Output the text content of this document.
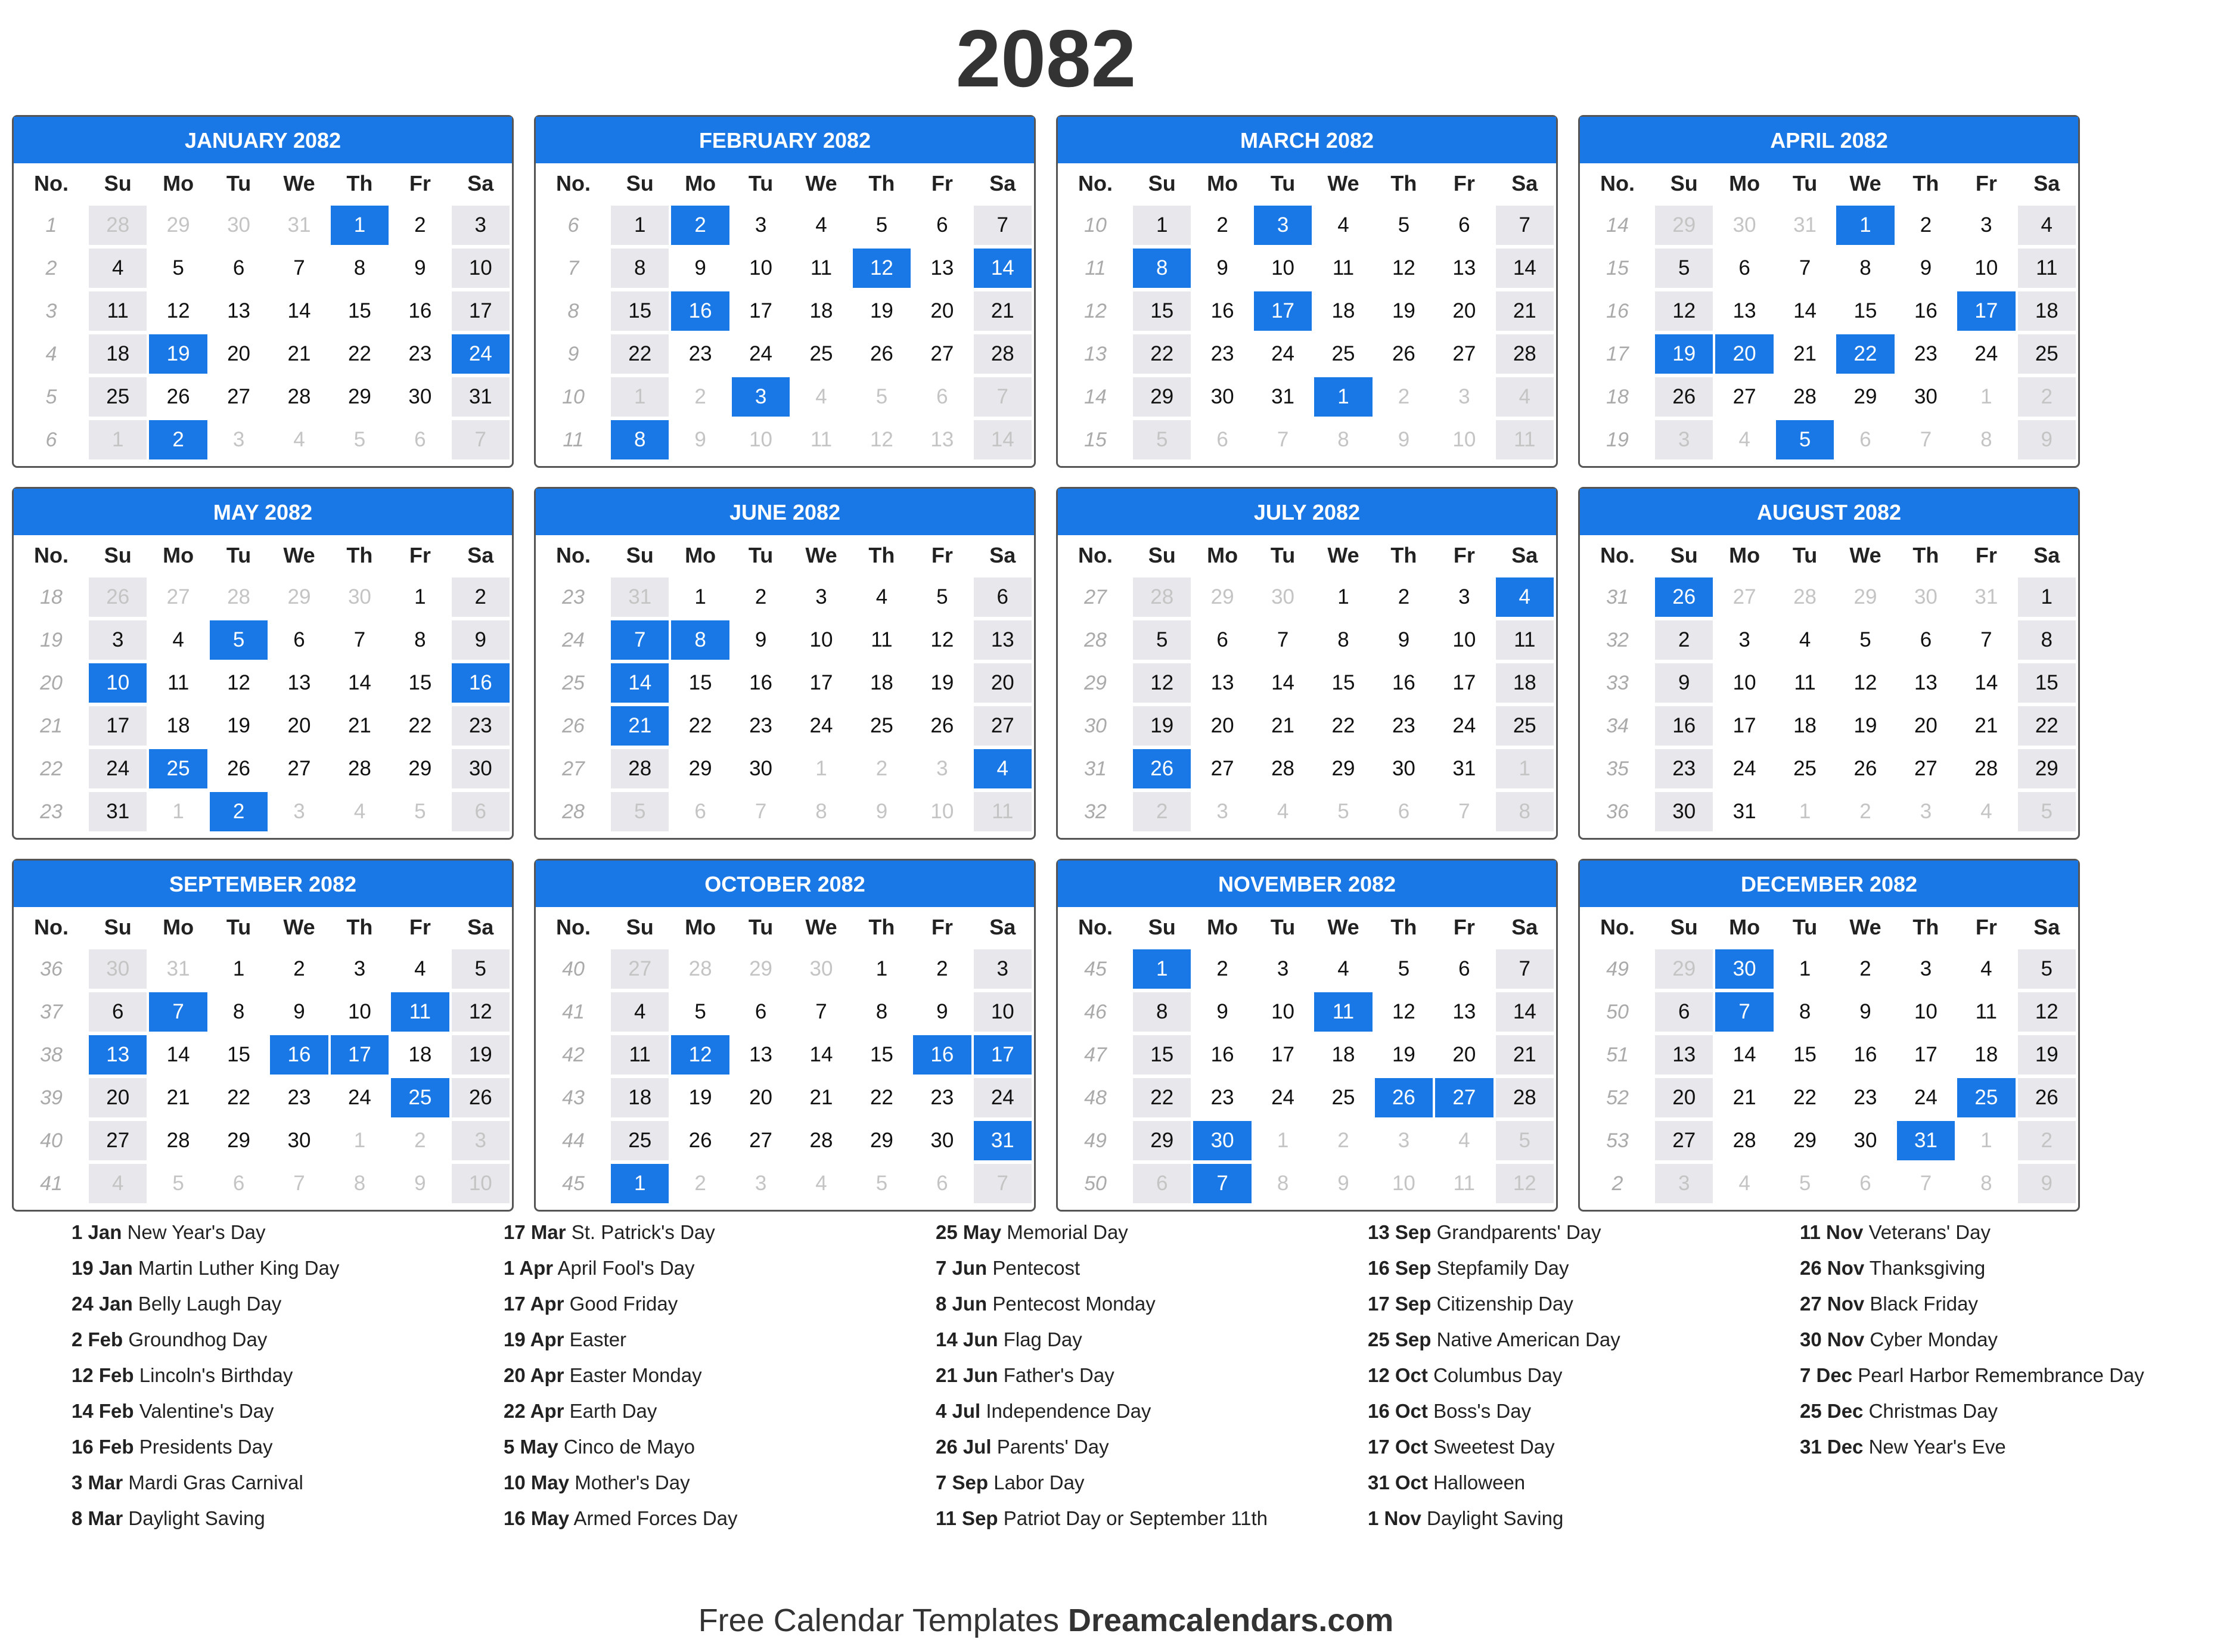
2082
JANUARY 2082
No.	Su	Mo	Tu	We	Th	Fr	Sa
1	28	29	30	31	1	2	3
2	4	5	6	7	8	9	10
3	11	12	13	14	15	16	17
4	18	19	20	21	22	23	24
5	25	26	27	28	29	30	31
6	1	2	3	4	5	6	7
FEBRUARY 2082
No.	Su	Mo	Tu	We	Th	Fr	Sa
6	1	2	3	4	5	6	7
7	8	9	10	11	12	13	14
8	15	16	17	18	19	20	21
9	22	23	24	25	26	27	28
10	1	2	3	4	5	6	7
11	8	9	10	11	12	13	14
MARCH 2082
No.	Su	Mo	Tu	We	Th	Fr	Sa
10	1	2	3	4	5	6	7
11	8	9	10	11	12	13	14
12	15	16	17	18	19	20	21
13	22	23	24	25	26	27	28
14	29	30	31	1	2	3	4
15	5	6	7	8	9	10	11
APRIL 2082
No.	Su	Mo	Tu	We	Th	Fr	Sa
14	29	30	31	1	2	3	4
15	5	6	7	8	9	10	11
16	12	13	14	15	16	17	18
17	19	20	21	22	23	24	25
18	26	27	28	29	30	1	2
19	3	4	5	6	7	8	9
MAY 2082
No.	Su	Mo	Tu	We	Th	Fr	Sa
18	26	27	28	29	30	1	2
19	3	4	5	6	7	8	9
20	10	11	12	13	14	15	16
21	17	18	19	20	21	22	23
22	24	25	26	27	28	29	30
23	31	1	2	3	4	5	6
JUNE 2082
No.	Su	Mo	Tu	We	Th	Fr	Sa
23	31	1	2	3	4	5	6
24	7	8	9	10	11	12	13
25	14	15	16	17	18	19	20
26	21	22	23	24	25	26	27
27	28	29	30	1	2	3	4
28	5	6	7	8	9	10	11
JULY 2082
No.	Su	Mo	Tu	We	Th	Fr	Sa
27	28	29	30	1	2	3	4
28	5	6	7	8	9	10	11
29	12	13	14	15	16	17	18
30	19	20	21	22	23	24	25
31	26	27	28	29	30	31	1
32	2	3	4	5	6	7	8
AUGUST 2082
No.	Su	Mo	Tu	We	Th	Fr	Sa
31	26	27	28	29	30	31	1
32	2	3	4	5	6	7	8
33	9	10	11	12	13	14	15
34	16	17	18	19	20	21	22
35	23	24	25	26	27	28	29
36	30	31	1	2	3	4	5
SEPTEMBER 2082
No.	Su	Mo	Tu	We	Th	Fr	Sa
36	30	31	1	2	3	4	5
37	6	7	8	9	10	11	12
38	13	14	15	16	17	18	19
39	20	21	22	23	24	25	26
40	27	28	29	30	1	2	3
41	4	5	6	7	8	9	10
OCTOBER 2082
No.	Su	Mo	Tu	We	Th	Fr	Sa
40	27	28	29	30	1	2	3
41	4	5	6	7	8	9	10
42	11	12	13	14	15	16	17
43	18	19	20	21	22	23	24
44	25	26	27	28	29	30	31
45	1	2	3	4	5	6	7
NOVEMBER 2082
No.	Su	Mo	Tu	We	Th	Fr	Sa
45	1	2	3	4	5	6	7
46	8	9	10	11	12	13	14
47	15	16	17	18	19	20	21
48	22	23	24	25	26	27	28
49	29	30	1	2	3	4	5
50	6	7	8	9	10	11	12
DECEMBER 2082
No.	Su	Mo	Tu	We	Th	Fr	Sa
49	29	30	1	2	3	4	5
50	6	7	8	9	10	11	12
51	13	14	15	16	17	18	19
52	20	21	22	23	24	25	26
53	27	28	29	30	31	1	2
2	3	4	5	6	7	8	9
1 Jan New Year's Day
19 Jan Martin Luther King Day
24 Jan Belly Laugh Day
2 Feb Groundhog Day
12 Feb Lincoln's Birthday
14 Feb Valentine's Day
16 Feb Presidents Day
3 Mar Mardi Gras Carnival
8 Mar Daylight Saving
17 Mar St. Patrick's Day
1 Apr April Fool's Day
17 Apr Good Friday
19 Apr Easter
20 Apr Easter Monday
22 Apr Earth Day
5 May Cinco de Mayo
10 May Mother's Day
16 May Armed Forces Day
25 May Memorial Day
7 Jun Pentecost
8 Jun Pentecost Monday
14 Jun Flag Day
21 Jun Father's Day
4 Jul Independence Day
26 Jul Parents' Day
7 Sep Labor Day
11 Sep Patriot Day or September 11th
13 Sep Grandparents' Day
16 Sep Stepfamily Day
17 Sep Citizenship Day
25 Sep Native American Day
12 Oct Columbus Day
16 Oct Boss's Day
17 Oct Sweetest Day
31 Oct Halloween
1 Nov Daylight Saving
11 Nov Veterans' Day
26 Nov Thanksgiving
27 Nov Black Friday
30 Nov Cyber Monday
7 Dec Pearl Harbor Remembrance Day
25 Dec Christmas Day
31 Dec New Year's Eve
Free Calendar Templates Dreamcalendars.com
